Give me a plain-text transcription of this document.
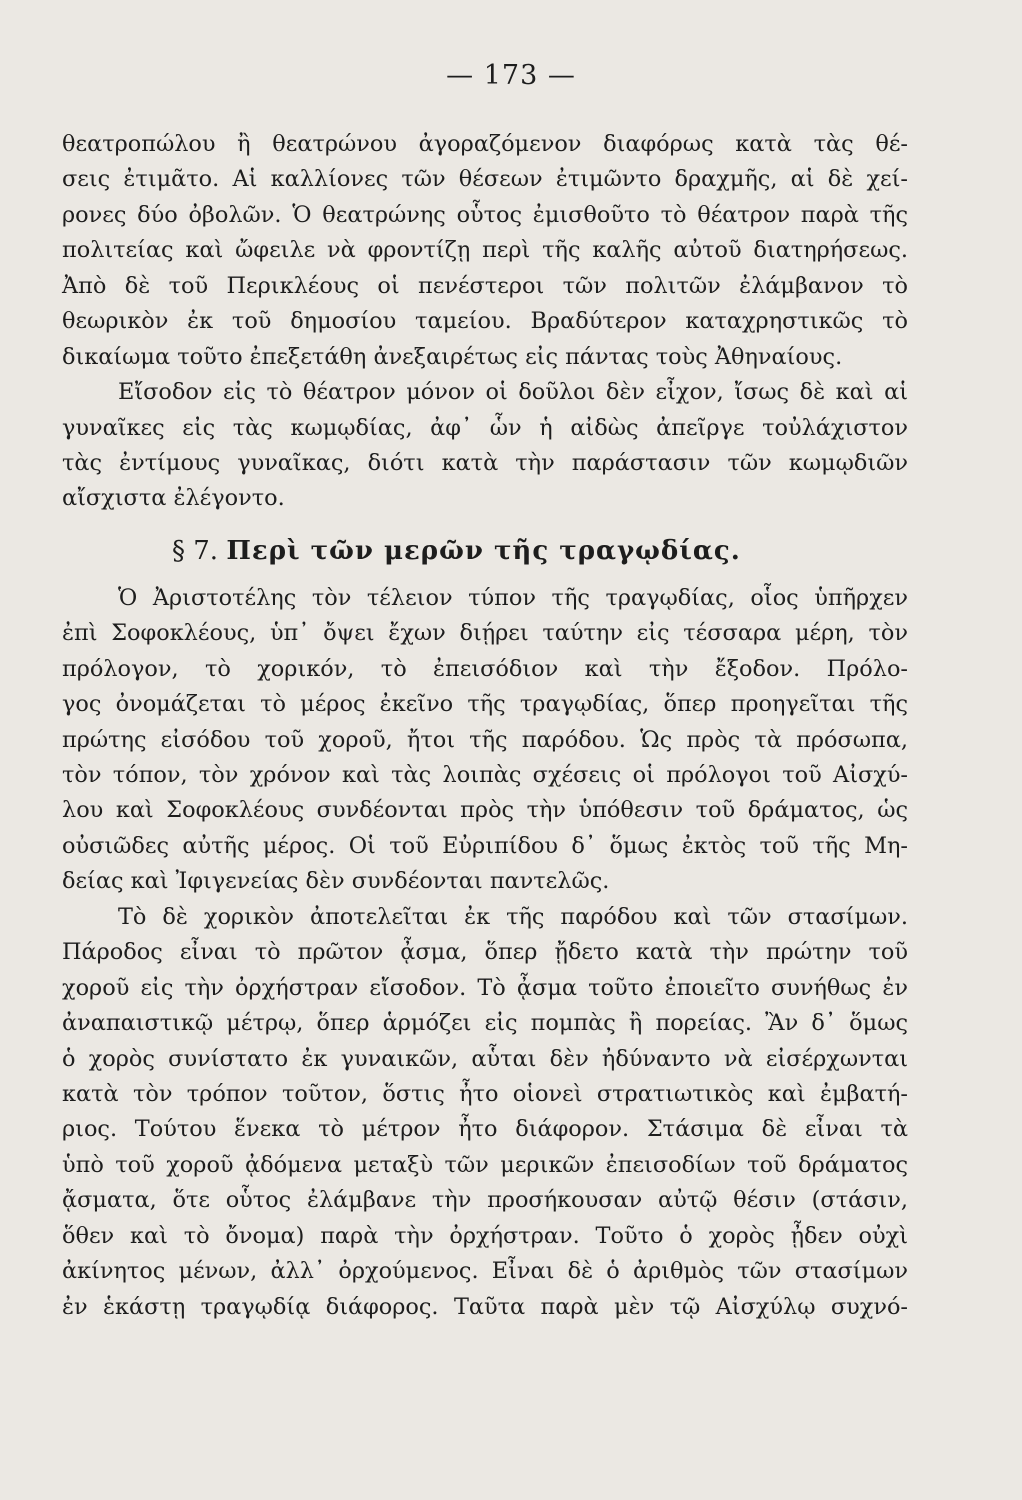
— 173 —
θεατροπώλου ἢ θεατρώνου ἀγοραζόμενον διαφόρως κατὰ τὰς θέ-
σεις ἐτιμᾶτο. Αἱ καλλίονες τῶν θέσεων ἐτιμῶντο δραχμῆς, αἱ δὲ χεί-
ρονες δύο ὀβολῶν. Ὁ θεατρώνης οὗτος ἐμισθοῦτο τὸ θέατρον παρὰ τῆς
πολιτείας καὶ ὤφειλε νὰ φροντίζῃ περὶ τῆς καλῆς αὐτοῦ διατηρήσεως.
Ἀπὸ δὲ τοῦ Περικλέους οἱ πενέστεροι τῶν πολιτῶν ἐλάμβανον τὸ
θεωρικὸν ἐκ τοῦ δημοσίου ταμείου. Βραδύτερον καταχρηστικῶς τὸ
δικαίωμα τοῦτο ἐπεξετάθη ἀνεξαιρέτως εἰς πάντας τοὺς Ἀθηναίους.
Εἴσοδον εἰς τὸ θέατρον μόνον οἱ δοῦλοι δὲν εἶχον, ἴσως δὲ καὶ αἱ
γυναῖκες εἰς τὰς κωμῳδίας, ἀφ᾽ ὧν ἡ αἰδὼς ἀπεῖργε τοὐλάχιστον
τὰς ἐντίμους γυναῖκας, διότι κατὰ τὴν παράστασιν τῶν κωμῳδιῶν
αἴσχιστα ἐλέγοντο.
§ 7. Περὶ τῶν μερῶν τῆς τραγῳδίας.
Ὁ Ἀριστοτέλης τὸν τέλειον τύπον τῆς τραγῳδίας, οἷος ὑπῆρχεν
ἐπὶ Σοφοκλέους, ὑπ᾽ ὄψει ἔχων διῄρει ταύτην εἰς τέσσαρα μέρη, τὸν
πρόλογον, τὸ χορικόν, τὸ ἐπεισόδιον καὶ τὴν ἔξοδον. Πρόλο-
γος ὀνομάζεται τὸ μέρος ἐκεῖνο τῆς τραγῳδίας, ὅπερ προηγεῖται τῆς
πρώτης εἰσόδου τοῦ χοροῦ, ἤτοι τῆς παρόδου. Ὡς πρὸς τὰ πρόσωπα,
τὸν τόπον, τὸν χρόνον καὶ τὰς λοιπὰς σχέσεις οἱ πρόλογοι τοῦ Αἰσχύ-
λου καὶ Σοφοκλέους συνδέονται πρὸς τὴν ὑπόθεσιν τοῦ δράματος, ὡς
οὐσιῶδες αὐτῆς μέρος. Οἱ τοῦ Εὐριπίδου δ᾽ ὅμως ἐκτὸς τοῦ τῆς Μη-
δείας καὶ Ἰφιγενείας δὲν συνδέονται παντελῶς.
Τὸ δὲ χορικὸν ἀποτελεῖται ἐκ τῆς παρόδου καὶ τῶν στασίμων.
Πάροδος εἶναι τὸ πρῶτον ᾆσμα, ὅπερ ᾔδετο κατὰ τὴν πρώτην τοῦ
χοροῦ εἰς τὴν ὀρχήστραν εἴσοδον. Τὸ ᾆσμα τοῦτο ἐποιεῖτο συνήθως ἐν
ἀναπαιστικῷ μέτρῳ, ὅπερ ἁρμόζει εἰς πομπὰς ἢ πορείας. Ἂν δ᾽ ὅμως
ὁ χορὸς συνίστατο ἐκ γυναικῶν, αὗται δὲν ἠδύναντο νὰ εἰσέρχωνται
κατὰ τὸν τρόπον τοῦτον, ὅστις ἦτο οἱονεὶ στρατιωτικὸς καὶ ἐμβατή-
ριος. Τούτου ἕνεκα τὸ μέτρον ἦτο διάφορον. Στάσιμα δὲ εἶναι τὰ
ὑπὸ τοῦ χοροῦ ᾀδόμενα μεταξὺ τῶν μερικῶν ἐπεισοδίων τοῦ δράματος
ᾄσματα, ὅτε οὗτος ἐλάμβανε τὴν προσήκουσαν αὐτῷ θέσιν (στάσιν,
ὅθεν καὶ τὸ ὄνομα) παρὰ τὴν ὀρχήστραν. Τοῦτο ὁ χορὸς ᾖδεν οὐχὶ
ἀκίνητος μένων, ἀλλ᾽ ὀρχούμενος. Εἶναι δὲ ὁ ἀριθμὸς τῶν στασίμων
ἐν ἑκάστῃ τραγῳδίᾳ διάφορος. Ταῦτα παρὰ μὲν τῷ Αἰσχύλῳ συχνό-
